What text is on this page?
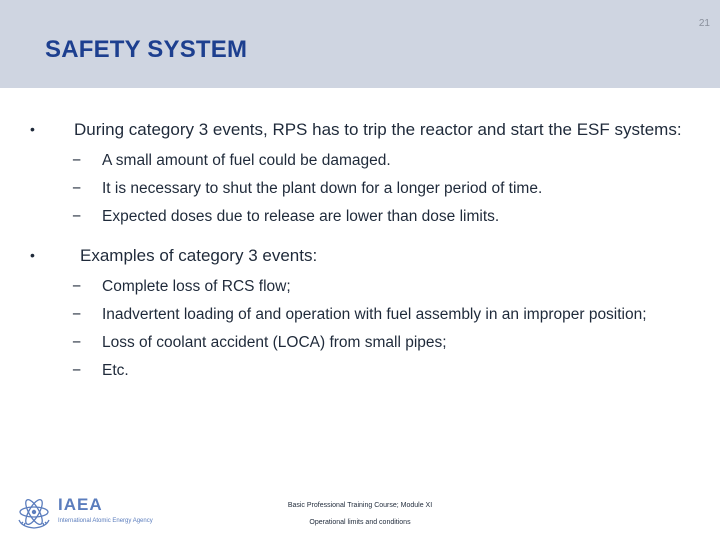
21
SAFETY SYSTEM
•	During category 3 events, RPS has to trip the reactor and start the ESF systems:
−	A small amount of fuel could be damaged.
−	It is necessary to shut the plant down for a longer period of time.
−	Expected doses due to release are lower than dose limits.
•	Examples of category 3 events:
−	Complete loss of RCS flow;
−	Inadvertent loading of and operation with fuel assembly in an improper position;
−	Loss of coolant accident (LOCA) from small pipes;
−	Etc.
IAEA
International Atomic Energy Agency
Basic Professional Training Course; Module XI
Operational limits and conditions
